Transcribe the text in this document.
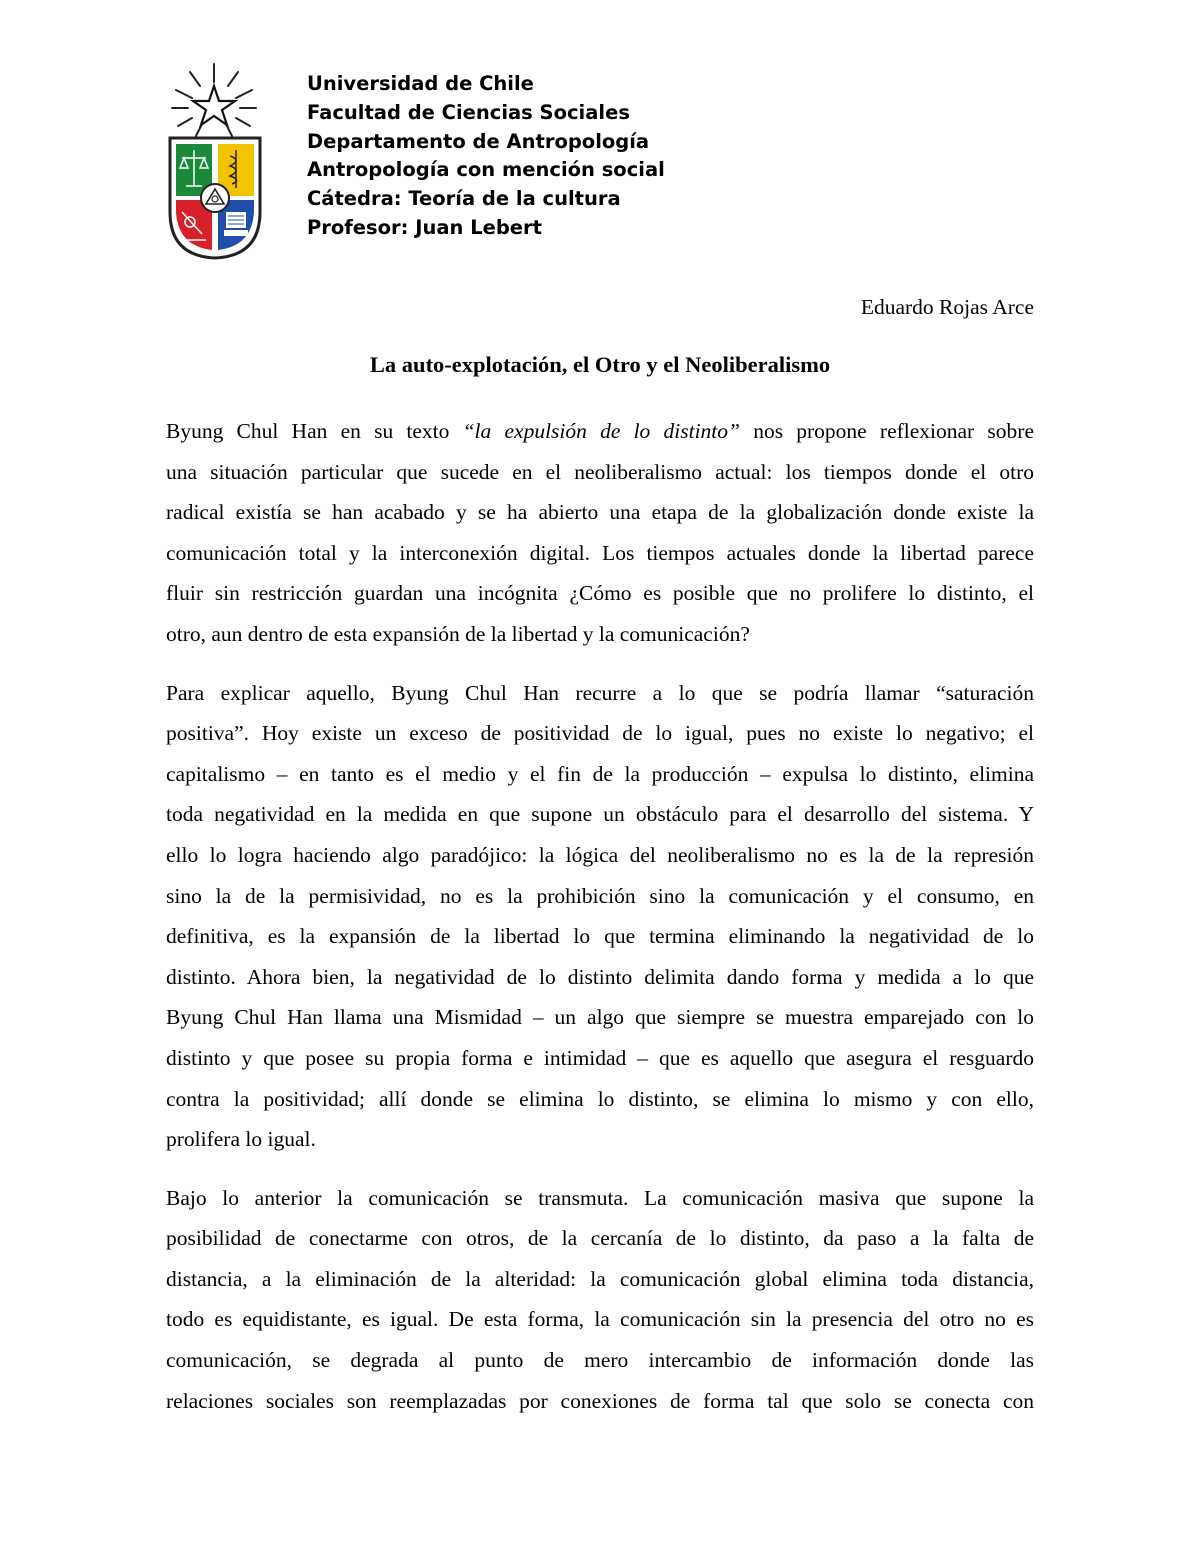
Universidad de Chile
Facultad de Ciencias Sociales
Departamento de Antropología
Antropología con mención social
Cátedra: Teoría de la cultura
Profesor: Juan Lebert
Eduardo Rojas Arce
La auto-explotación, el Otro y el Neoliberalismo
Byung Chul Han en su texto “la expulsión de lo distinto” nos propone reflexionar sobre
una situación particular que sucede en el neoliberalismo actual: los tiempos donde el otro
radical existía se han acabado y se ha abierto una etapa de la globalización donde existe la
comunicación total y la interconexión digital. Los tiempos actuales donde la libertad parece
fluir sin restricción guardan una incógnita ¿Cómo es posible que no prolifere lo distinto, el
otro, aun dentro de esta expansión de la libertad y la comunicación?
Para explicar aquello, Byung Chul Han recurre a lo que se podría llamar “saturación
positiva”. Hoy existe un exceso de positividad de lo igual, pues no existe lo negativo; el
capitalismo – en tanto es el medio y el fin de la producción – expulsa lo distinto, elimina
toda negatividad en la medida en que supone un obstáculo para el desarrollo del sistema. Y
ello lo logra haciendo algo paradójico: la lógica del neoliberalismo no es la de la represión
sino la de la permisividad, no es la prohibición sino la comunicación y el consumo, en
definitiva, es la expansión de la libertad lo que termina eliminando la negatividad de lo
distinto. Ahora bien, la negatividad de lo distinto delimita dando forma y medida a lo que
Byung Chul Han llama una Mismidad – un algo que siempre se muestra emparejado con lo
distinto y que posee su propia forma e intimidad – que es aquello que asegura el resguardo
contra la positividad; allí donde se elimina lo distinto, se elimina lo mismo y con ello,
prolifera lo igual.
Bajo lo anterior la comunicación se transmuta. La comunicación masiva que supone la
posibilidad de conectarme con otros, de la cercanía de lo distinto, da paso a la falta de
distancia, a la eliminación de la alteridad: la comunicación global elimina toda distancia,
todo es equidistante, es igual. De esta forma, la comunicación sin la presencia del otro no es
comunicación, se degrada al punto de mero intercambio de información donde las
relaciones sociales son reemplazadas por conexiones de forma tal que solo se conecta con
